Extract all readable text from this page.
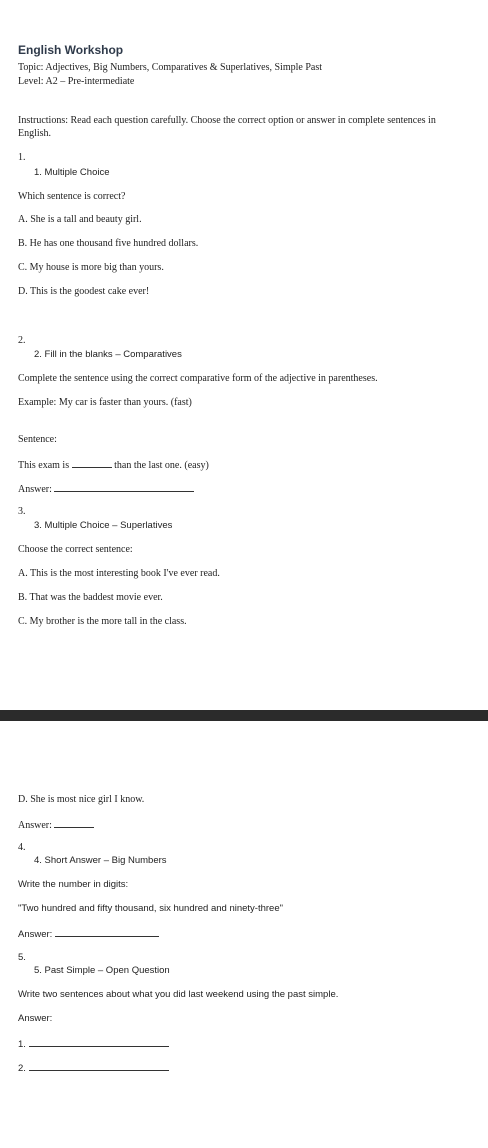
English Workshop
Topic: Adjectives, Big Numbers, Comparatives & Superlatives, Simple Past
Level: A2 – Pre-intermediate
Instructions: Read each question carefully. Choose the correct option or answer in complete sentences in English.
1.
1. Multiple Choice
Which sentence is correct?
A. She is a tall and beauty girl.
B. He has one thousand five hundred dollars.
C. My house is more big than yours.
D. This is the goodest cake ever!
2.
2. Fill in the blanks – Comparatives
Complete the sentence using the correct comparative form of the adjective in parentheses.
Example: My car is faster than yours. (fast)
Sentence:
This exam is	than the last one. (easy)
Answer:
3.
3. Multiple Choice – Superlatives
Choose the correct sentence:
A. This is the most interesting book I've ever read.
B. That was the baddest movie ever.
C. My brother is the more tall in the class.
D. She is most nice girl I know.
Answer:
4.
4. Short Answer – Big Numbers
Write the number in digits:
"Two hundred and fifty thousand, six hundred and ninety-three"
Answer:
5.
5. Past Simple – Open Question
Write two sentences about what you did last weekend using the past simple.
Answer:
1.
2.
